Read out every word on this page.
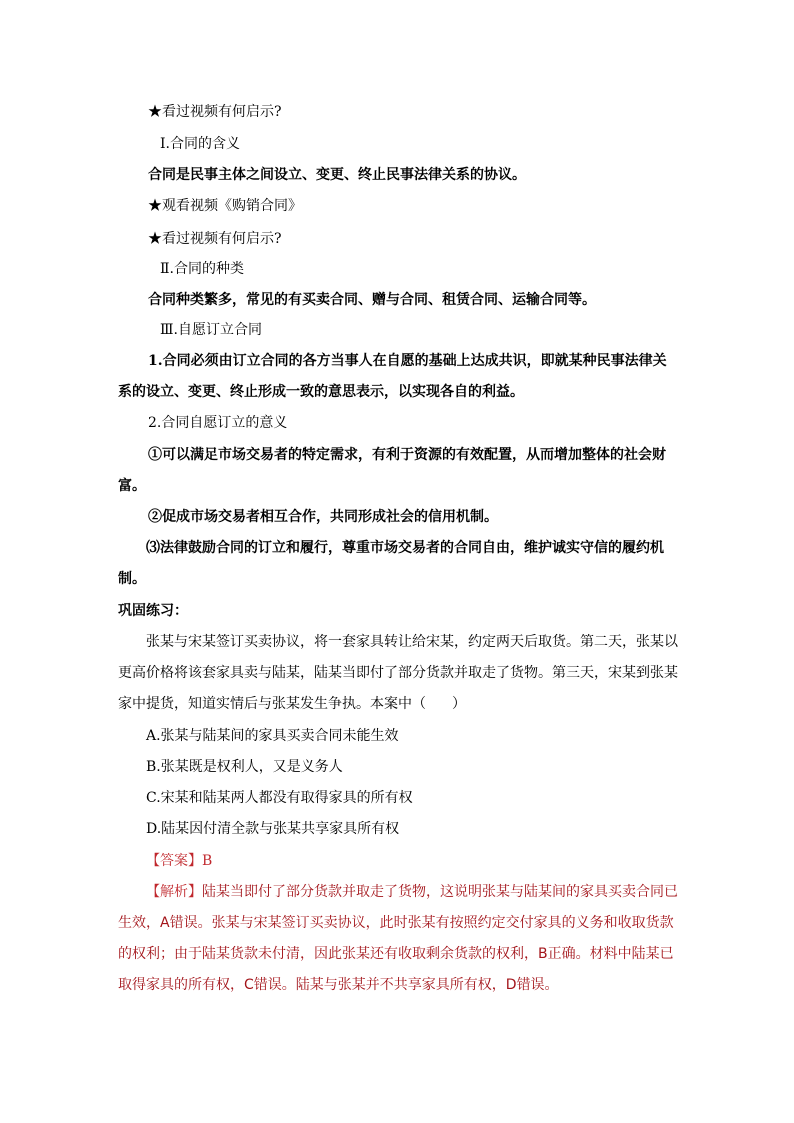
★看过视频有何启示?
Ⅰ.合同的含义
合同是民事主体之间设立、变更、终止民事法律关系的协议。
★观看视频《购销合同》
★看过视频有何启示?
Ⅱ.合同的种类
合同种类繁多，常见的有买卖合同、赠与合同、租赁合同、运输合同等。
Ⅲ.自愿订立合同
1.合同必须由订立合同的各方当事人在自愿的基础上达成共识，即就某种民事法律关
系的设立、变更、终止形成一致的意思表示，以实现各自的利益。
2.合同自愿订立的意义
①可以满足市场交易者的特定需求，有利于资源的有效配置，从而增加整体的社会财
富。
②促成市场交易者相互合作，共同形成社会的信用机制。
⑶法律鼓励合同的订立和履行，尊重市场交易者的合同自由，维护诚实守信的履约机
制。
巩固练习：
张某与宋某签订买卖协议，将一套家具转让给宋某，约定两天后取货。第二天，张某以
更高价格将该套家具卖与陆某，陆某当即付了部分货款并取走了货物。第三天，宋某到张某
家中提货，知道实情后与张某发生争执。本案中（ ）
A.张某与陆某间的家具买卖合同未能生效
B.张某既是权利人，又是义务人
C.宋某和陆某两人都没有取得家具的所有权
D.陆某因付清全款与张某共享家具所有权
【答案】B
【解析】陆某当即付了部分货款并取走了货物，这说明张某与陆某间的家具买卖合同已
生效，A错误。张某与宋某签订买卖协议，此时张某有按照约定交付家具的义务和收取货款
的权利；由于陆某货款未付清，因此张某还有收取剩余货款的权利，B正确。材料中陆某已
取得家具的所有权，C错误。陆某与张某并不共享家具所有权，D错误。
